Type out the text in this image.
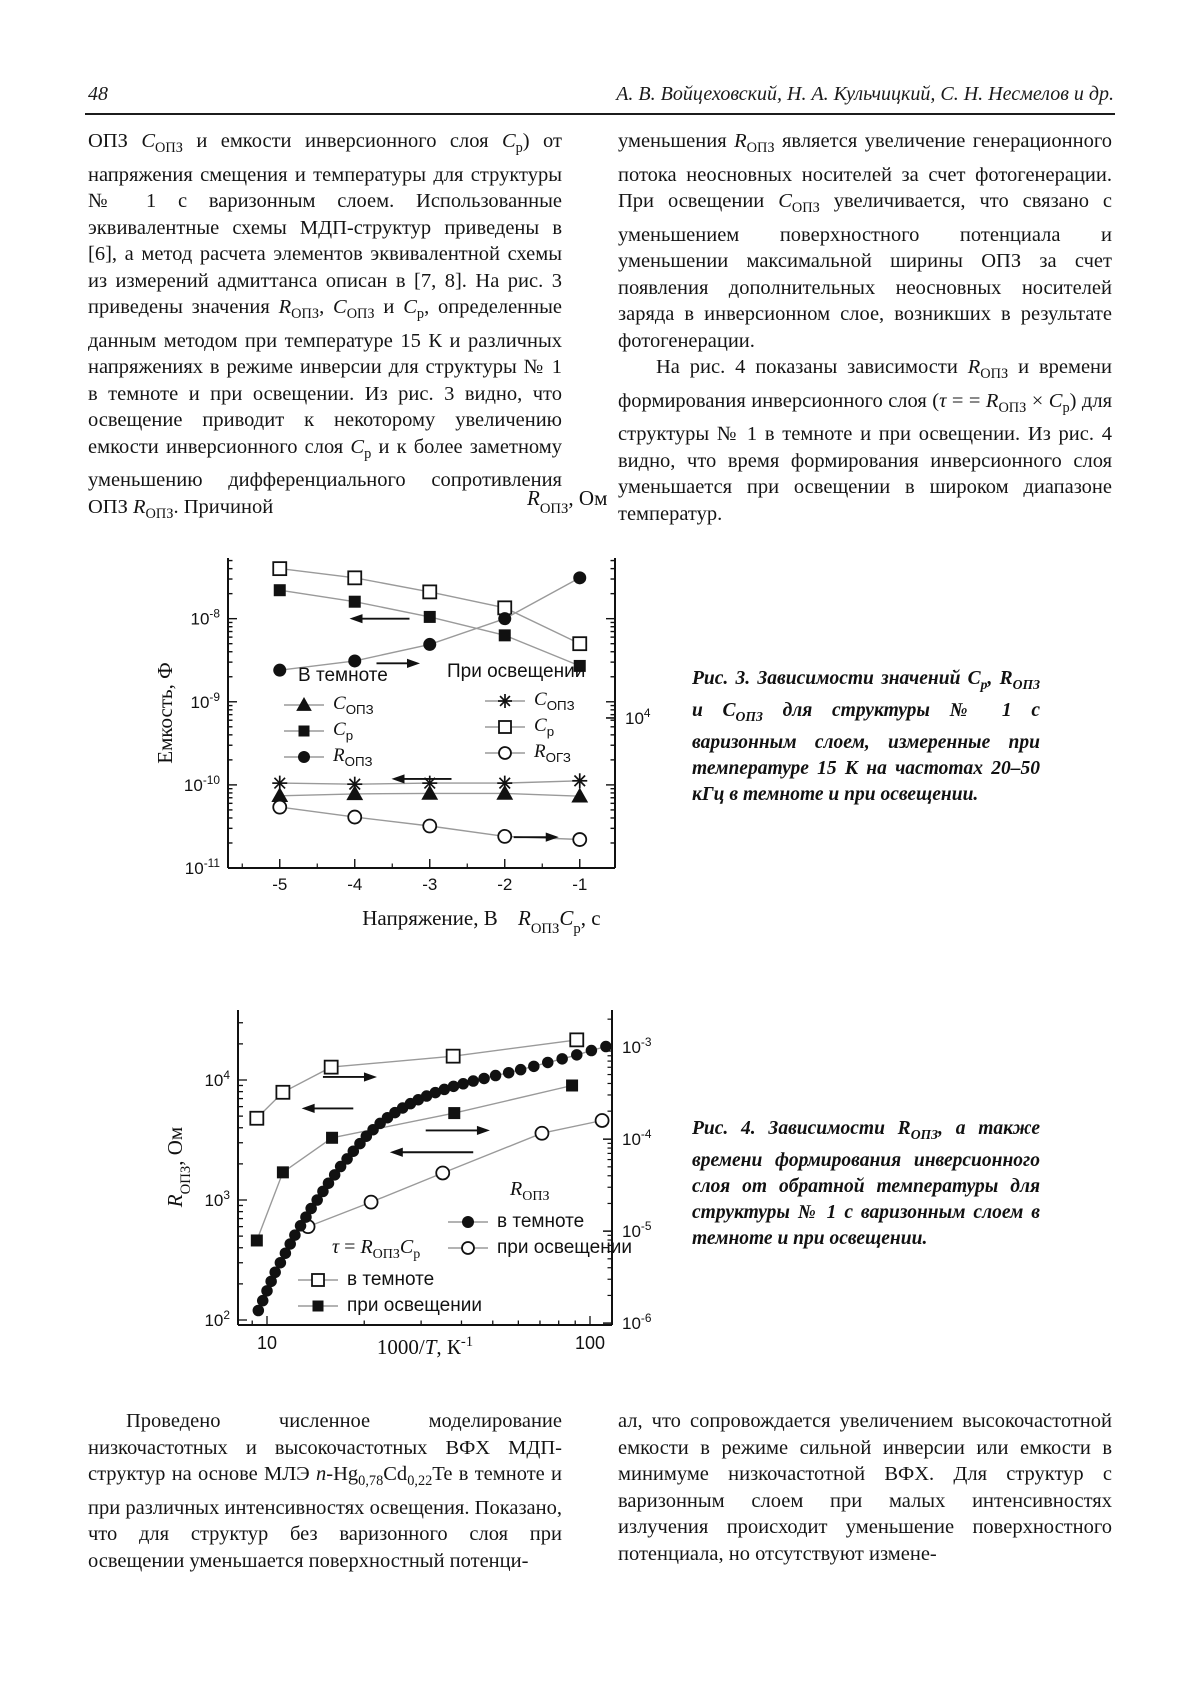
48	А. В. Войцеховский, Н. А. Кульчицкий, С. Н. Несмелов и др.

ОПЗ $C_{ОПЗ}$ и емкости инверсионного слоя $C_p$) от напряжения смещения и температуры для структуры № 1 с варизонным слоем. Использованные эквивалентные схемы МДП-структур приведены в [6], а метод расчета элементов эквивалентной схемы из измерений адмиттанса описан в [7, 8]. На рис. 3 приведены значения $R_{ОПЗ}$, $C_{ОПЗ}$ и $C_p$, определенные данным методом при температуре 15 К и различных напряжениях в режиме инверсии для структуры № 1 в темноте и при освещении. Из рис. 3 видно, что освещение приводит к некоторому увеличению емкости инверсионного слоя $C_p$ и к более заметному уменьшению дифференциального сопротивления ОПЗ $R_{ОПЗ}$. Причиной

уменьшения $R_{ОПЗ}$ является увеличение генерационного потока неосновных носителей за счет фотогенерации. При освещении $C_{ОПЗ}$ увеличивается, что связано с уменьшением поверхностного потенциала и уменьшении максимальной ширины ОПЗ за счет появления дополнительных неосновных носителей заряда в инверсионном слое, возникших в результате фотогенерации.

На рис. 4 показаны зависимости $R_{ОПЗ}$ и времени формирования инверсионного слоя (τ = = $R_{ОПЗ} \times C_p$) для структуры № 1 в темноте и при освещении. Из рис. 4 видно, что время формирования инверсионного слоя уменьшается при освещении в широком диапазоне температур.

$10^{-8}$
$10^{-9}$
$10^{-10}$
$10^{-11}$
-5	-4	-3	-2	-1
$10^4$
$R_{ОПЗ}$, Ом
Напряжение, В
Емкость, Ф	В темноте
$C_{ОПЗ}$
$C_p$
$R_{ОПЗ}$
При освещении
$C_{ОПЗ}$
$C_p$
$R_{ОГЗ}$
Рис. 3. Зависимости значений $C_p$, $R_{ОПЗ}$ и $C_{ОПЗ}$ для структуры № 1 с варизонным слоем, измеренные при температуре 15 К на частотах 20–50 кГц в темноте и при освещении.
10	100
$10^4$
$10^3$
$10^2$
$10^{-3}$
$10^{-4}$
$10^{-5}$
$10^{-6}$
$R_{ОПЗ}C_p$, с
1000/T, $К^{-1}$
$R_{ОПЗ}$, Ом
$R_{ОПЗ}$
в темноте
при освещении
$\tau = R_{ОПЗ}C_p$
в темноте
при освещении
Рис. 4. Зависимости $R_{ОПЗ}$, а также времени формирования инверсионного слоя от обратной температуры для структуры № 1 с варизонным слоем в темноте и при освещении.

Проведено численное моделирование низкочастотных и высокочастотных ВФХ МДП-структур на основе МЛЭ $n-Hg_{0,78}Cd_{0,22}Te$ в темноте и при различных интенсивностях освещения. Показано, что для структур без варизонного слоя при освещении уменьшается поверхностный потенци-

ал, что сопровождается увеличением высокочастотной емкости в режиме сильной инверсии или емкости в минимуме низкочастотной ВФХ. Для структур с варизонным слоем при малых интенсивностях излучения происходит уменьшение поверхностного потенциала, но отсутствуют измене-
